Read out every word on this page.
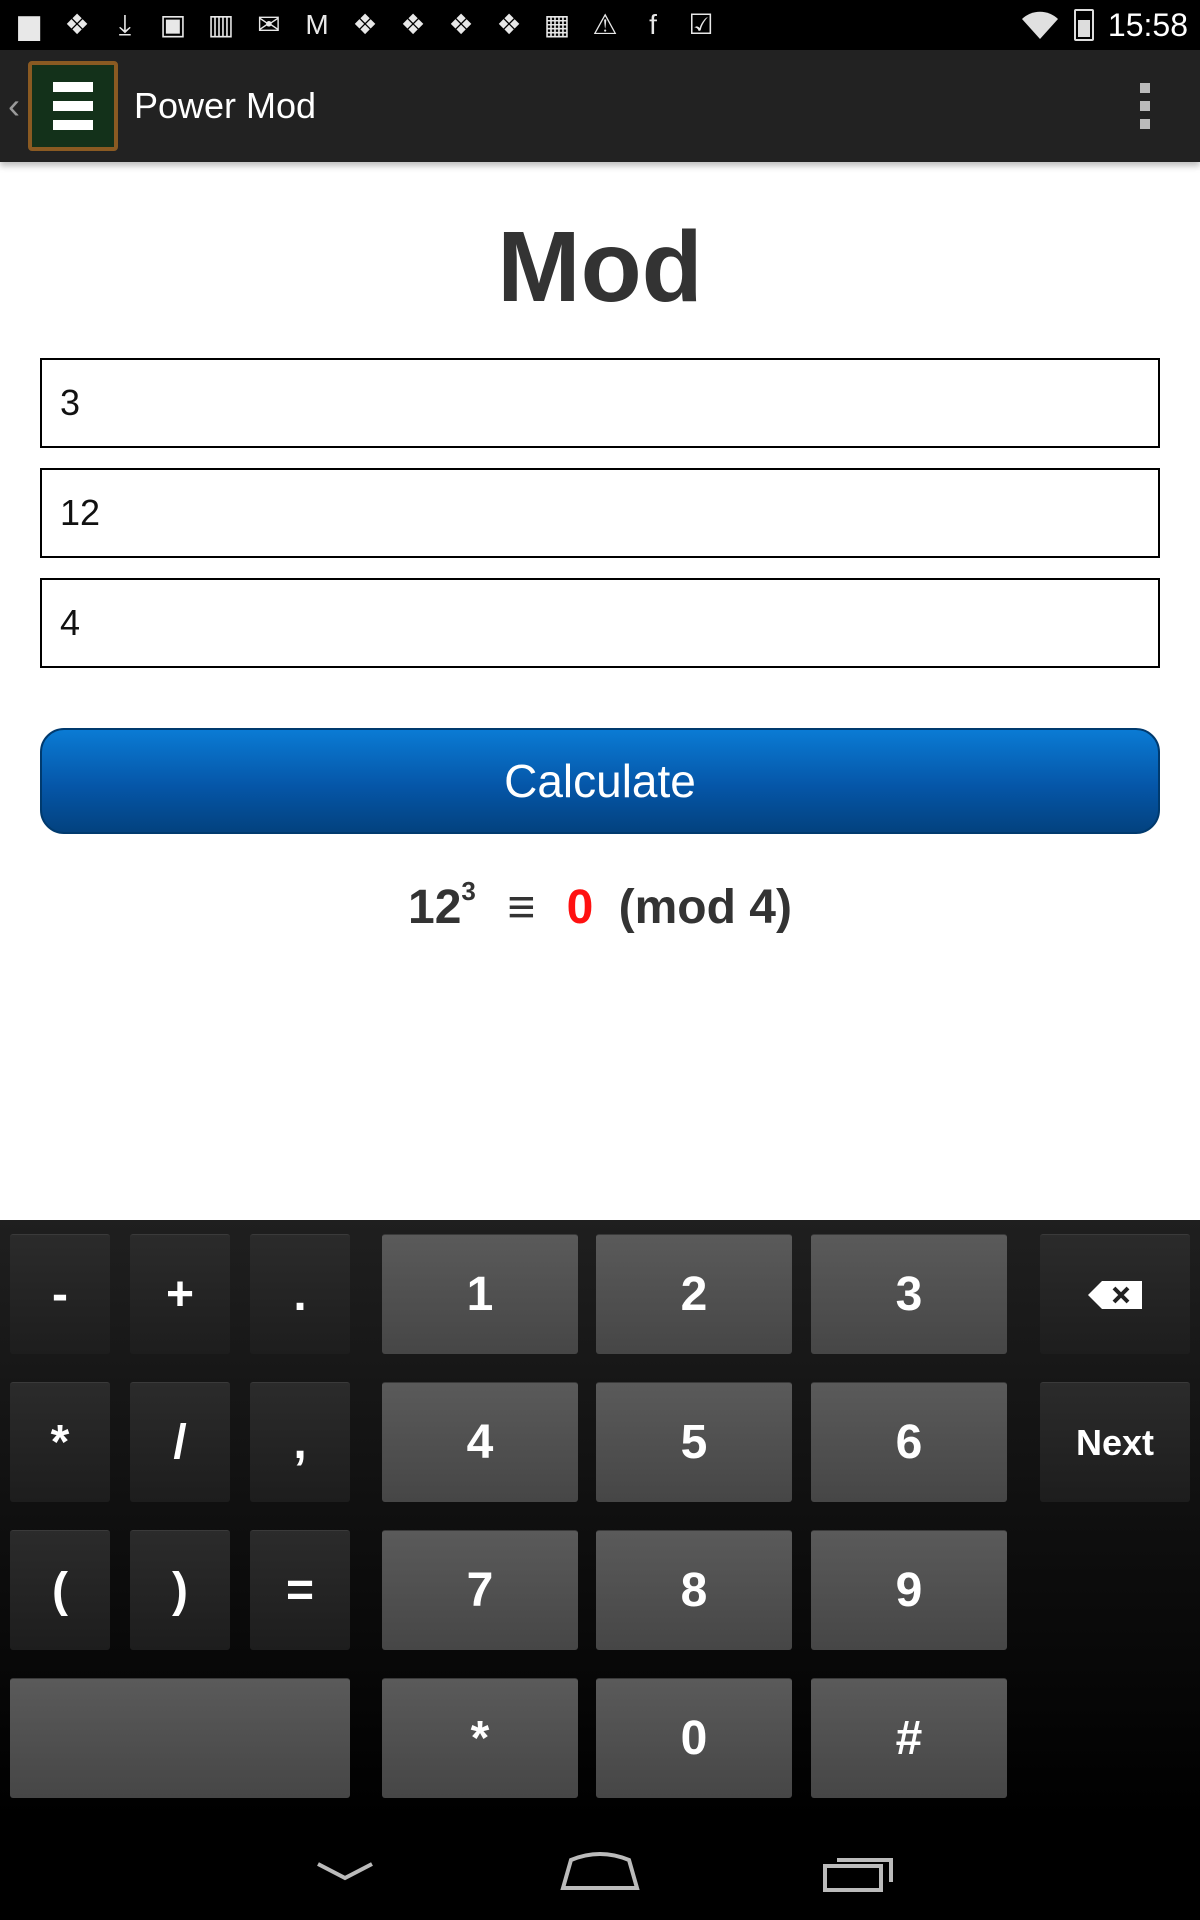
▆ ❖	⤓	▣ ▥ ✉ M ❖ ❖ ❖ ❖ ▦ ⚠	f	☑	15:58
‹	Power Mod
Mod
3
12
4
Calculate
$12^3 \equiv 0$ (mod 4)
-	+	.	1	2	3
*	/	,	4	5	6	Next
(	)	=	7	8	9
*	0	#
